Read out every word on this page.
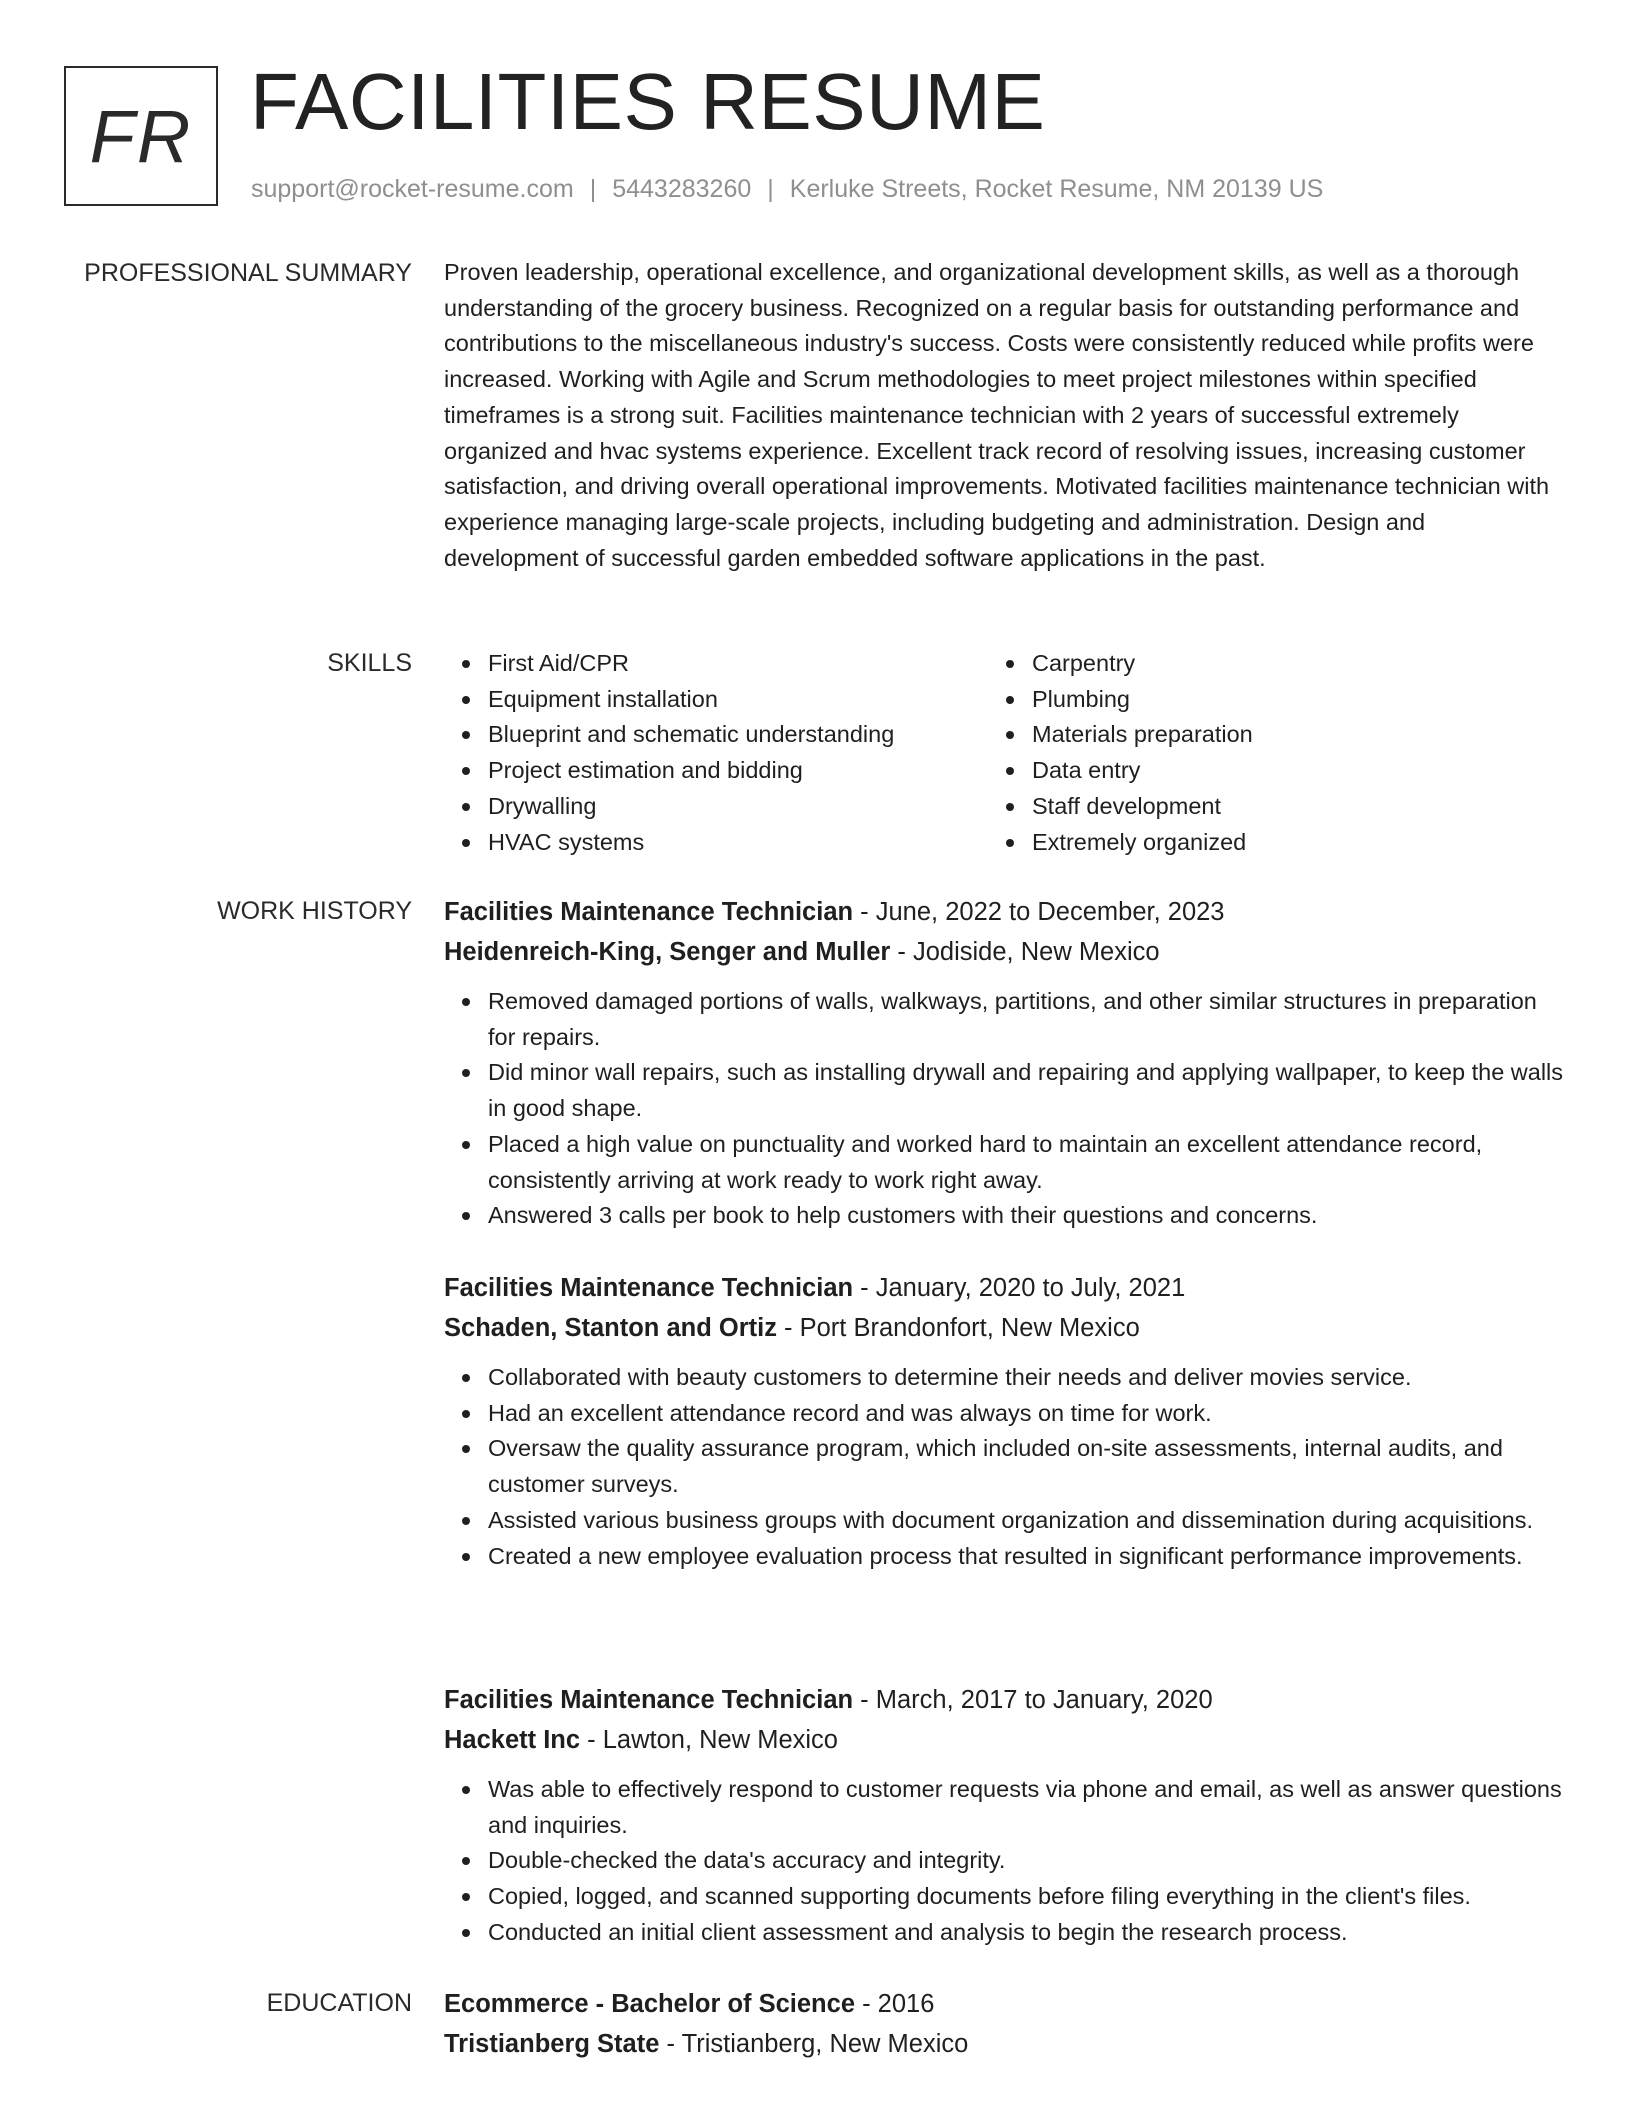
FR FACILITIES RESUME
support@rocket-resume.com | 5443283260 | Kerluke Streets, Rocket Resume, NM 20139 US
PROFESSIONAL SUMMARY Proven leadership, operational excellence, and organizational development skills, as well as a thorough understanding of the grocery business. Recognized on a regular basis for outstanding performance and contributions to the miscellaneous industry's success. Costs were consistently reduced while profits were increased. Working with Agile and Scrum methodologies to meet project milestones within specified timeframes is a strong suit. Facilities maintenance technician with 2 years of successful extremely organized and hvac systems experience. Excellent track record of resolving issues, increasing customer satisfaction, and driving overall operational improvements. Motivated facilities maintenance technician with experience managing large-scale projects, including budgeting and administration. Design and development of successful garden embedded software applications in the past.

SKILLS	First Aid/CPR
Equipment installation
Blueprint and schematic understanding
Project estimation and bidding
Drywalling
HVAC systems
Carpentry
Plumbing
Materials preparation
Data entry
Staff development
Extremely organized
WORK HISTORY Facilities Maintenance Technician - June, 2022 to December, 2023
Heidenreich-King, Senger and Muller - Jodiside, New Mexico
Removed damaged portions of walls, walkways, partitions, and other similar structures in preparation for repairs.
Did minor wall repairs, such as installing drywall and repairing and applying wallpaper, to keep the walls in good shape.
Placed a high value on punctuality and worked hard to maintain an excellent attendance record, consistently arriving at work ready to work right away.
Answered 3 calls per book to help customers with their questions and concerns.
Facilities Maintenance Technician - January, 2020 to July, 2021
Schaden, Stanton and Ortiz - Port Brandonfort, New Mexico
Collaborated with beauty customers to determine their needs and deliver movies service.
Had an excellent attendance record and was always on time for work.
Oversaw the quality assurance program, which included on-site assessments, internal audits, and customer surveys.
Assisted various business groups with document organization and dissemination during acquisitions.
Created a new employee evaluation process that resulted in significant performance improvements.
Facilities Maintenance Technician - March, 2017 to January, 2020
Hackett Inc - Lawton, New Mexico
Was able to effectively respond to customer requests via phone and email, as well as answer questions and inquiries.
Double-checked the data's accuracy and integrity.
Copied, logged, and scanned supporting documents before filing everything in the client's files.
Conducted an initial client assessment and analysis to begin the research process.
EDUCATION Ecommerce - Bachelor of Science - 2016
Tristianberg State - Tristianberg, New Mexico
